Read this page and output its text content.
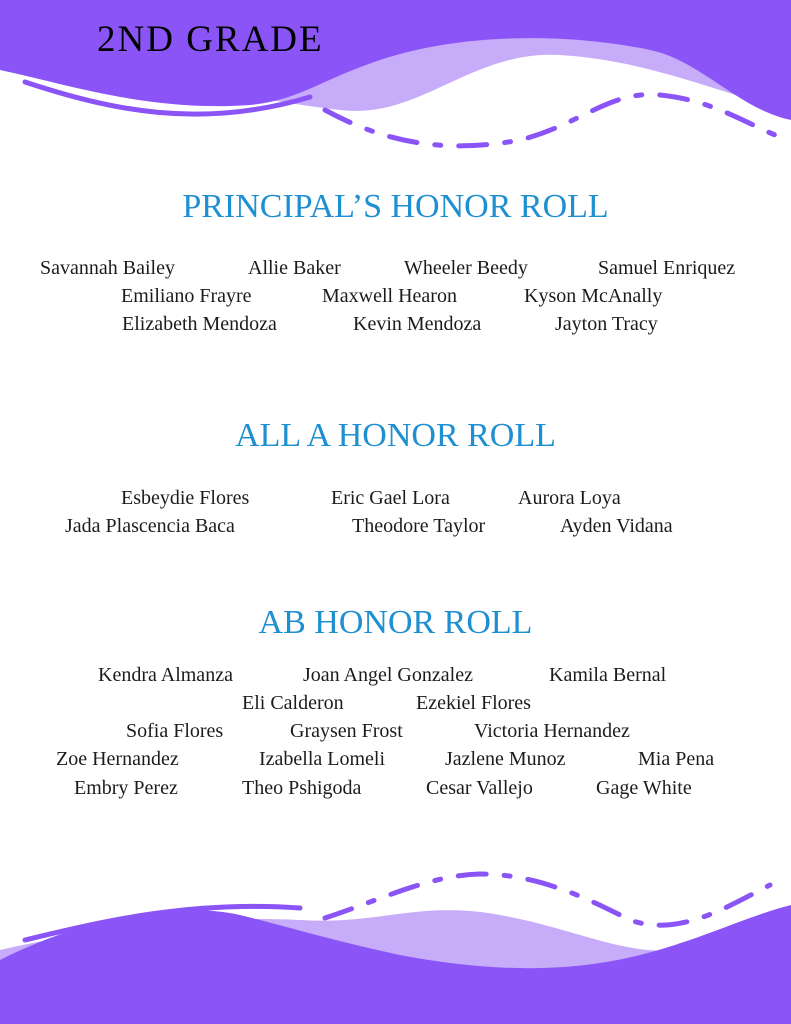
2ND GRADE
PRINCIPAL’S HONOR ROLL
Savannah Bailey	Allie Baker	Wheeler Beedy	Samuel Enriquez
Emiliano Frayre	Maxwell Hearon	Kyson McAnally
Elizabeth Mendoza	Kevin Mendoza	Jayton Tracy
ALL A HONOR ROLL
Esbeydie Flores	Eric Gael Lora	Aurora Loya
Jada Plascencia Baca	Theodore Taylor	Ayden Vidana
AB HONOR ROLL
Kendra Almanza	Joan Angel Gonzalez	Kamila Bernal
Eli Calderon	Ezekiel Flores
Sofia Flores	Graysen Frost	Victoria Hernandez
Zoe Hernandez	Izabella Lomeli	Jazlene Munoz	Mia Pena
Embry Perez	Theo Pshigoda	Cesar Vallejo	Gage White
